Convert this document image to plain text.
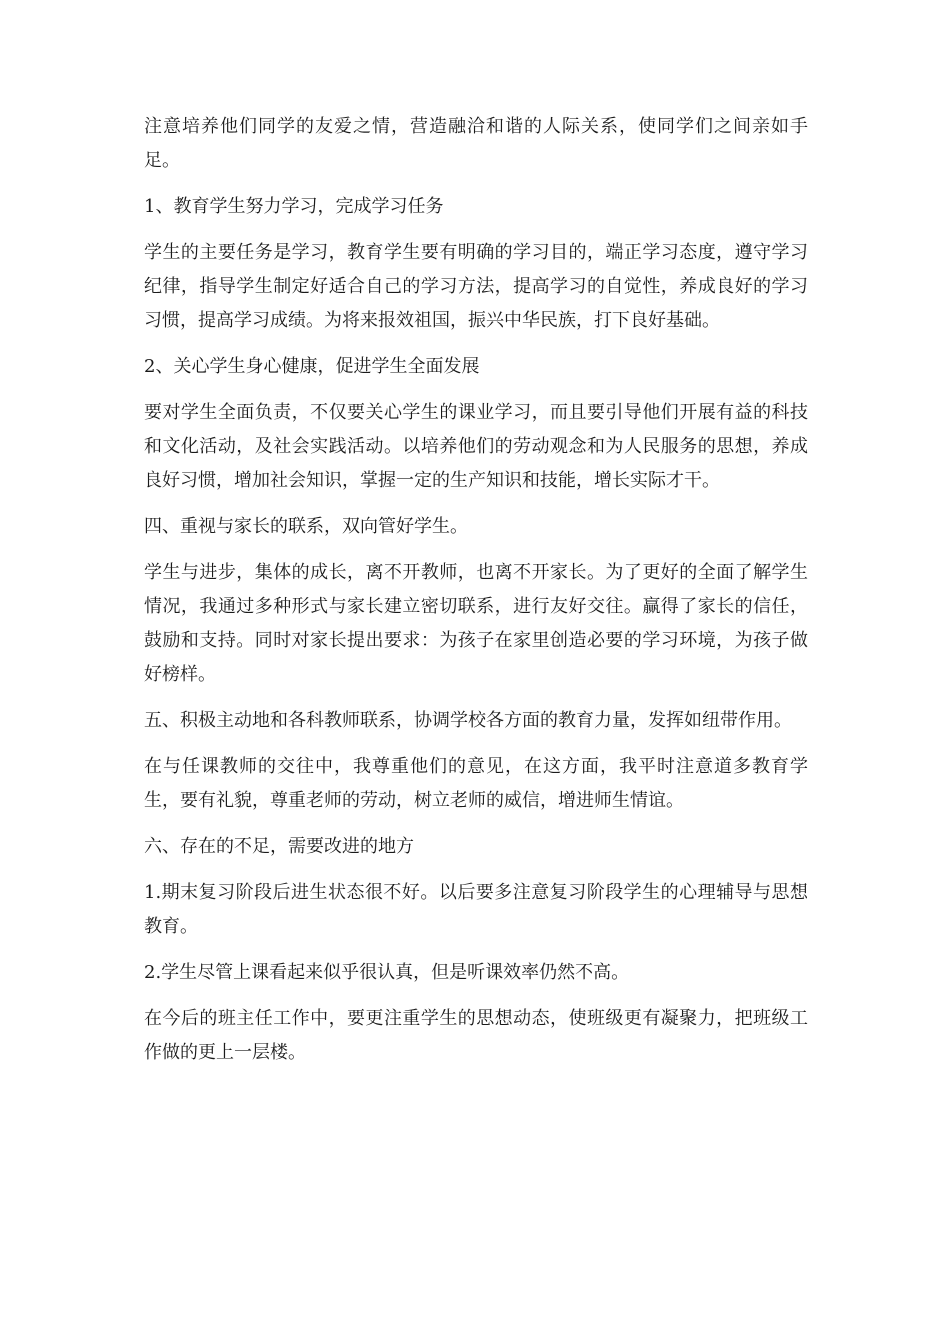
注意培养他们同学的友爱之情，营造融洽和谐的人际关系，使同学们之间亲如手足。

1、教育学生努力学习，完成学习任务

学生的主要任务是学习，教育学生要有明确的学习目的，端正学习态度，遵守学习纪律，指导学生制定好适合自己的学习方法，提高学习的自觉性，养成良好的学习习惯，提高学习成绩。为将来报效祖国，振兴中华民族，打下良好基础。

2、关心学生身心健康，促进学生全面发展

要对学生全面负责，不仅要关心学生的课业学习，而且要引导他们开展有益的科技和文化活动，及社会实践活动。以培养他们的劳动观念和为人民服务的思想，养成良好习惯，增加社会知识，掌握一定的生产知识和技能，增长实际才干。

四、重视与家长的联系，双向管好学生。

学生与进步，集体的成长，离不开教师，也离不开家长。为了更好的全面了解学生情况，我通过多种形式与家长建立密切联系，进行友好交往。赢得了家长的信任，鼓励和支持。同时对家长提出要求：为孩子在家里创造必要的学习环境，为孩子做好榜样。

五、积极主动地和各科教师联系，协调学校各方面的教育力量，发挥如纽带作用。

在与任课教师的交往中，我尊重他们的意见，在这方面，我平时注意道多教育学生，要有礼貌，尊重老师的劳动，树立老师的威信，增进师生情谊。

六、存在的不足，需要改进的地方

1.期末复习阶段后进生状态很不好。以后要多注意复习阶段学生的心理辅导与思想教育。

2.学生尽管上课看起来似乎很认真，但是听课效率仍然不高。

在今后的班主任工作中，要更注重学生的思想动态，使班级更有凝聚力，把班级工作做的更上一层楼。
